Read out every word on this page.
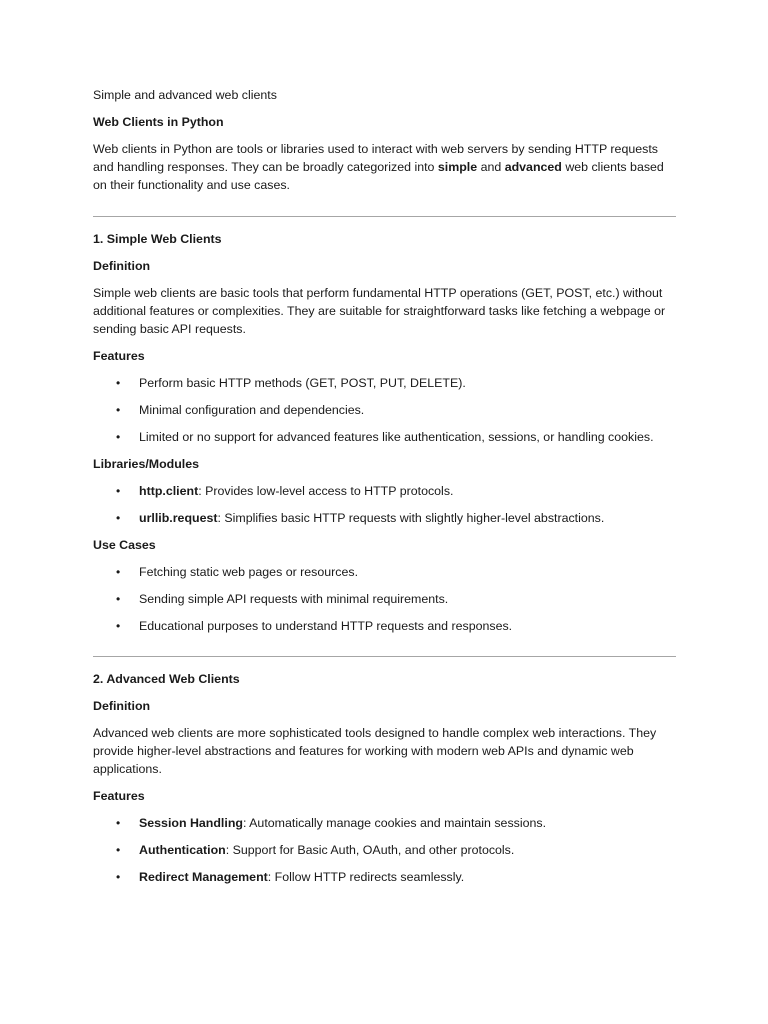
Simple and advanced web clients

Web Clients in Python

Web clients in Python are tools or libraries used to interact with web servers by sending HTTP requests and handling responses. They can be broadly categorized into simple and advanced web clients based on their functionality and use cases.

1. Simple Web Clients

Definition

Simple web clients are basic tools that perform fundamental HTTP operations (GET, POST, etc.) without additional features or complexities. They are suitable for straightforward tasks like fetching a webpage or sending basic API requests.

Features

• Perform basic HTTP methods (GET, POST, PUT, DELETE).
• Minimal configuration and dependencies.
• Limited or no support for advanced features like authentication, sessions, or handling cookies.

Libraries/Modules

• http.client: Provides low-level access to HTTP protocols.
• urllib.request: Simplifies basic HTTP requests with slightly higher-level abstractions.

Use Cases

• Fetching static web pages or resources.
• Sending simple API requests with minimal requirements.
• Educational purposes to understand HTTP requests and responses.

2. Advanced Web Clients

Definition

Advanced web clients are more sophisticated tools designed to handle complex web interactions. They provide higher-level abstractions and features for working with modern web APIs and dynamic web applications.

Features

• Session Handling: Automatically manage cookies and maintain sessions.
• Authentication: Support for Basic Auth, OAuth, and other protocols.
• Redirect Management: Follow HTTP redirects seamlessly.
